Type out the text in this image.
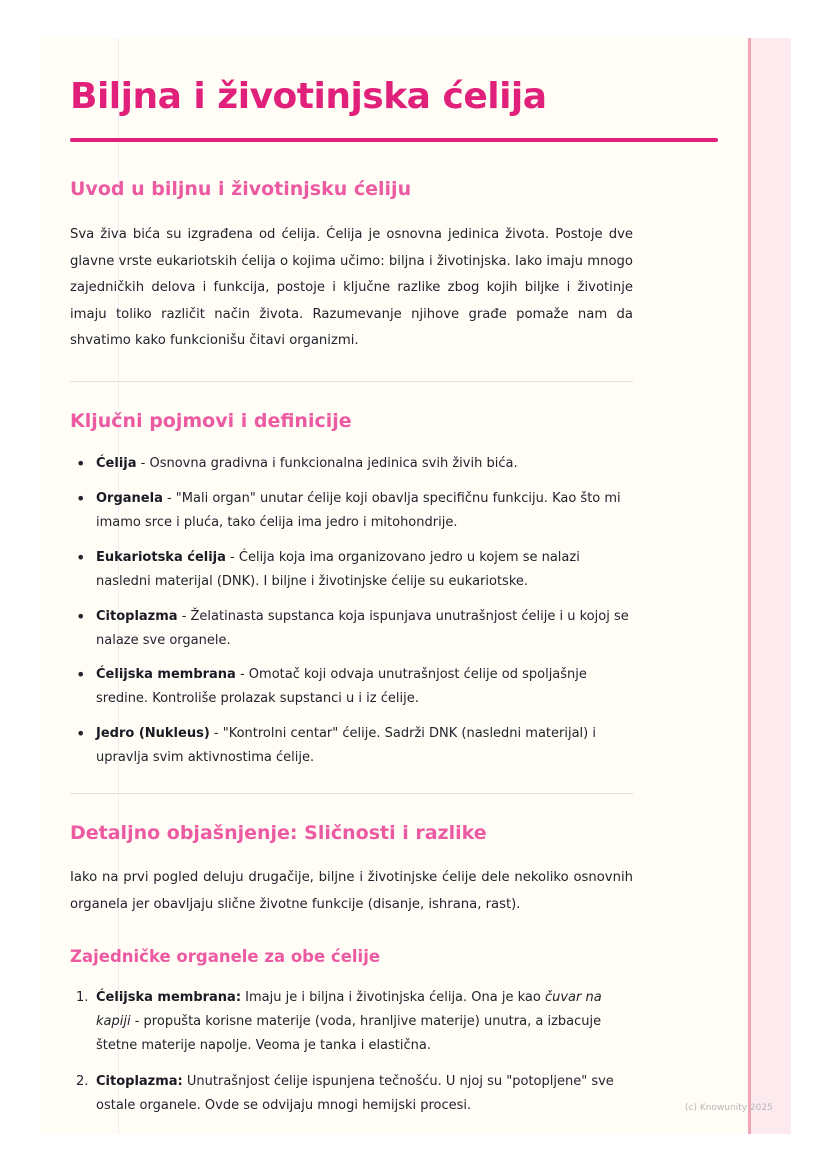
Biljna i životinjska ćelija
Uvod u biljnu i životinjsku ćeliju

Sva živa bića su izgrađena od ćelija. Ćelija je osnovna jedinica života. Postoje dve glavne vrste eukariotskih ćelija o kojima učimo: biljna i životinjska. Iako imaju mnogo zajedničkih delova i funkcija, postoje i ključne razlike zbog kojih biljke i životinje imaju toliko različit način života. Razumevanje njihove građe pomaže nam da shvatimo kako funkcionišu čitavi organizmi.

Ključni pojmovi i definicije
• Ćelija - Osnovna gradivna i funkcionalna jedinica svih živih bića.
• Organela - "Mali organ" unutar ćelije koji obavlja specifičnu funkciju. Kao što mi imamo srce i pluća, tako ćelija ima jedro i mitohondrije.
• Eukariotska ćelija - Ćelija koja ima organizovano jedro u kojem se nalazi nasledni materijal (DNK). I biljne i životinjske ćelije su eukariotske.
• Citoplazma - Želatinasta supstanca koja ispunjava unutrašnjost ćelije i u kojoj se nalaze sve organele.
• Ćelijska membrana - Omotač koji odvaja unutrašnjost ćelije od spoljašnje sredine. Kontroliše prolazak supstanci u i iz ćelije.
• Jedro (Nukleus) - "Kontrolni centar" ćelije. Sadrži DNK (nasledni materijal) i upravlja svim aktivnostima ćelije.
Detaljno objašnjenje: Sličnosti i razlike

Iako na prvi pogled deluju drugačije, biljne i životinjske ćelije dele nekoliko osnovnih organela jer obavljaju slične životne funkcije (disanje, ishrana, rast).

Zajedničke organele za obe ćelije
1. Ćelijska membrana: Imaju je i biljna i životinjska ćelija. Ona je kao čuvar na kapiji - propušta korisne materije (voda, hranljive materije) unutra, a izbacuje štetne materije napolje. Veoma je tanka i elastična.
2. Citoplazma: Unutrašnjost ćelije ispunjena tečnošću. U njoj su "potopljene" sve ostale organele. Ovde se odvijaju mnogi hemijski procesi.	(c) Knowunity 2025
